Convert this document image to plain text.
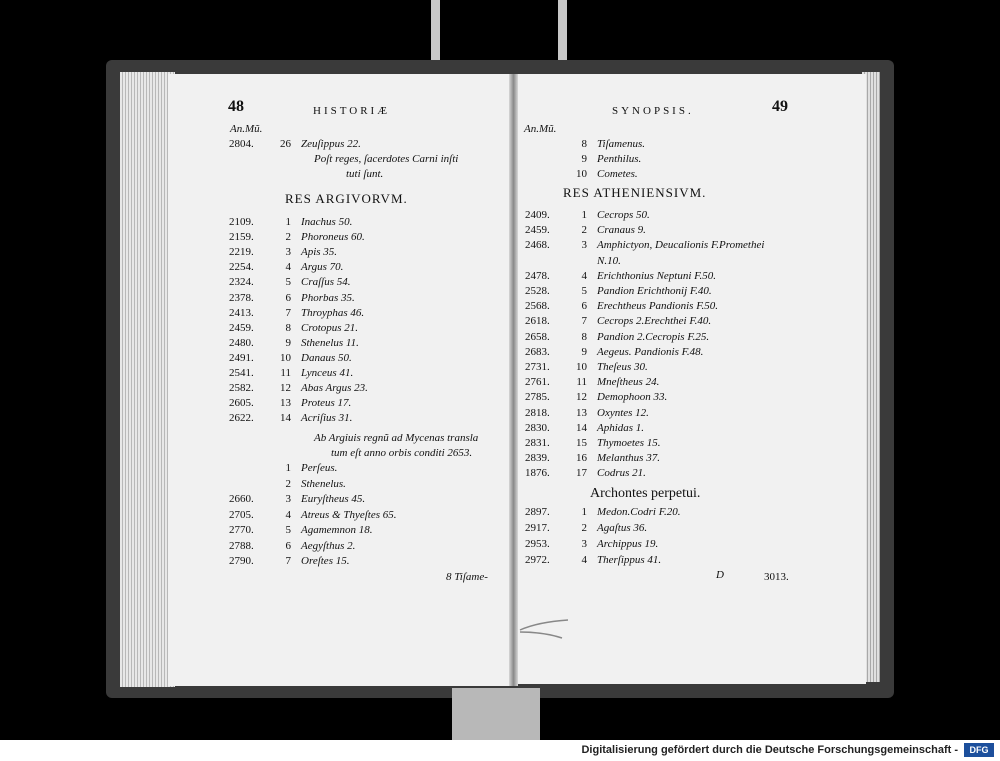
48	HISTORIÆ
An.Mũ.
2804. 26 Zeuſippus 22.
Poſt reges, ſacerdotes Carni inſti
tuti ſunt.
RES ARGIVORVM.
2109.	1 Inachus 50.
2159.	2 Phoroneus 60.
2219.	3 Apis 35.
2254.	4 Argus 70.
2324.	5 Craſſus 54.
2378.	6 Phorbas 35.
2413.	7 Throyphas 46.
2459.	8 Crotopus 21.
2480.	9 Sthenelus 11.
2491. 10 Danaus 50.
2541.	11 Lynceus 41.
2582. 12 Abas Argus 23.
2605. 13 Proteus 17.
2622. 14 Acriſius 31.
Ab Argiuis regnũ ad Mycenas transla
tum eſt anno orbis conditi 2653.
1 Perſeus.
2 Sthenelus.
2660.	3 Euryſtheus 45.
2705.	4 Atreus & Thyeſtes 65.
2770.	5 Agamemnon 18.
2788.	6 Aegyſthus 2.
2790.	7 Oreſtes 15.
8 Tiſame-
SYNOPSIS.	49
An.Mũ.
8 Tiſamenus.
9 Penthilus.
10 Cometes.
RES ATHENIENSIVM.
2409.	1 Cecrops 50.
2459.	2 Cranaus 9.
2468.	3 Amphictyon, Deucalionis F.Promethei
N.10.
2478.	4 Erichthonius Neptuni F.50.
2528.	5 Pandion Erichthonij F.40.
2568.	6 Erechtheus Pandionis F.50.
2618.	7 Cecrops 2.Erechthei F.40.
2658.	8 Pandion 2.Cecropis F.25.
2683.	9 Aegeus. Pandionis F.48.
2731. 10 Theſeus 30.
2761.	11 Mneſtheus 24.
2785. 12 Demophoon 33.
2818. 13 Oxyntes 12.
2830. 14 Aphidas 1.
2831. 15 Thymoetes 15.
2839. 16 Melanthus 37.
1876. 17 Codrus 21.
Archontes perpetui.
2897.	1 Medon.Codri F.20.
2917.	2 Agaſtus 36.
2953.	3 Archippus 19.
2972.	4 Therſippus 41.
D	3013.
Digitalisierung gefördert durch die Deutsche Forschungsgemeinschaft -	DFG
